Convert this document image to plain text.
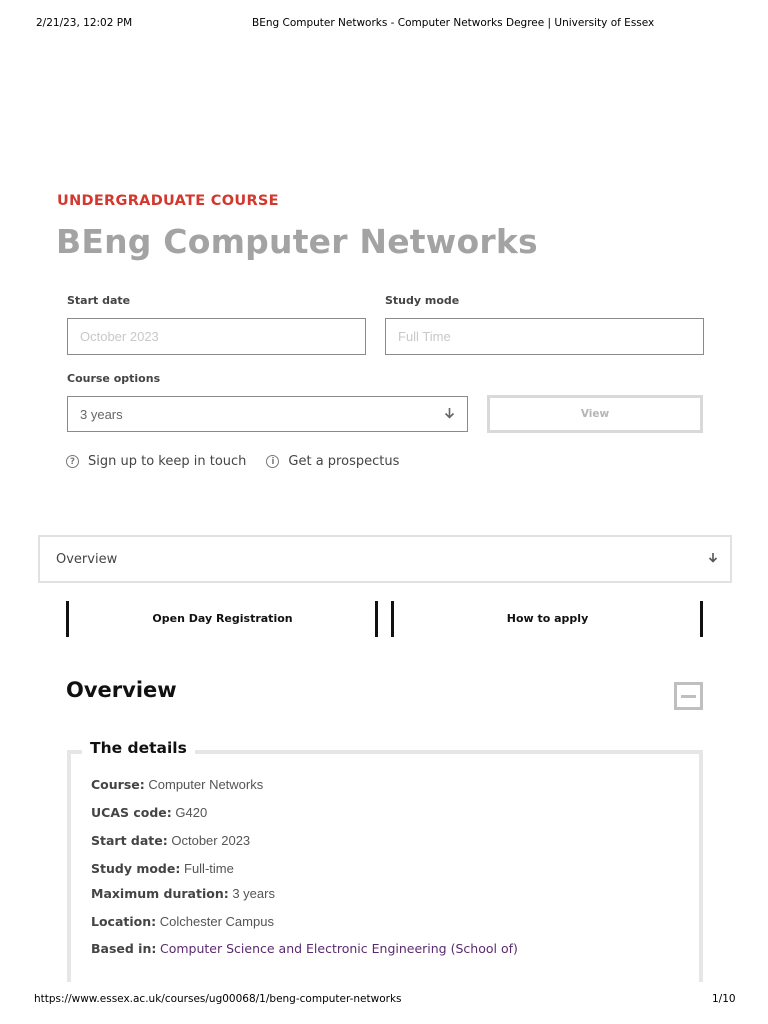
2/21/23, 12:02 PM	BEng Computer Networks - Computer Networks Degree | University of Essex
UNDERGRADUATE COURSE
BEng Computer Networks
Start date	Study mode
October 2023	Full Time
Course options
3 years	View
?	Sign up to keep in touch	i	Get a prospectus
Overview
Open Day Registration	How to apply
Overview
The details
Course: Computer Networks
UCAS code: G420
Start date: October 2023
Study mode: Full-time
Maximum duration: 3 years
Location: Colchester Campus
Based in: Computer Science and Electronic Engineering (School of)
https://www.essex.ac.uk/courses/ug00068/1/beng-computer-networks	1/10
